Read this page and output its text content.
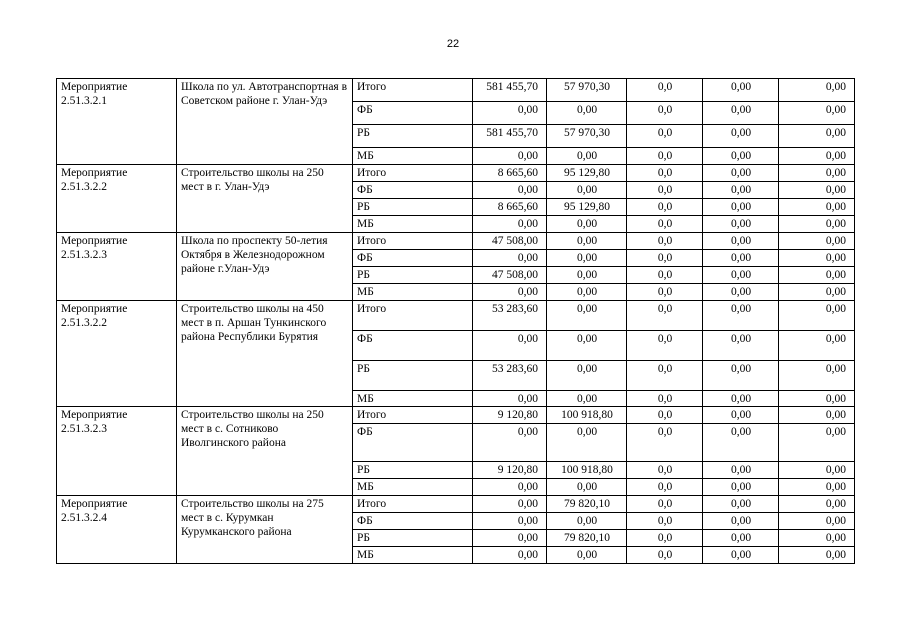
22
Мероприятие
2.51.3.2.1	Школа по ул. Автотранспортная в Советском районе г. Улан-Удэ	Итого	581 455,70	57 970,30	0,0	0,00	0,00
		ФБ	0,00	0,00	0,0	0,00	0,00
		РБ	581 455,70	57 970,30	0,0	0,00	0,00
		МБ	0,00	0,00	0,0	0,00	0,00
Мероприятие
2.51.3.2.2	Строительство школы на 250 мест в г. Улан-Удэ	Итого	8 665,60	95 129,80	0,0	0,00	0,00
		ФБ	0,00	0,00	0,0	0,00	0,00
		РБ	8 665,60	95 129,80	0,0	0,00	0,00
		МБ	0,00	0,00	0,0	0,00	0,00
Мероприятие
2.51.3.2.3	Школа по проспекту 50-летия Октября в Железнодорожном районе г.Улан-Удэ	Итого	47 508,00	0,00	0,0	0,00	0,00
		ФБ	0,00	0,00	0,0	0,00	0,00
		РБ	47 508,00	0,00	0,0	0,00	0,00
		МБ	0,00	0,00	0,0	0,00	0,00
Мероприятие
2.51.3.2.2	Строительство школы на 450 мест в п. Аршан Тункинского района Республики Бурятия	Итого	53 283,60	0,00	0,0	0,00	0,00
		ФБ	0,00	0,00	0,0	0,00	0,00
		РБ	53 283,60	0,00	0,0	0,00	0,00
		МБ	0,00	0,00	0,0	0,00	0,00
Мероприятие
2.51.3.2.3	Строительство школы на 250 мест в с. Сотниково Иволгинского района	Итого	9 120,80	100 918,80	0,0	0,00	0,00
		ФБ	0,00	0,00	0,0	0,00	0,00
		РБ	9 120,80	100 918,80	0,0	0,00	0,00
		МБ	0,00	0,00	0,0	0,00	0,00
Мероприятие
2.51.3.2.4	Строительство школы на 275 мест в с. Курумкан Курумканского района	Итого	0,00	79 820,10	0,0	0,00	0,00
		ФБ	0,00	0,00	0,0	0,00	0,00
		РБ	0,00	79 820,10	0,0	0,00	0,00
		МБ	0,00	0,00	0,0	0,00	0,00
